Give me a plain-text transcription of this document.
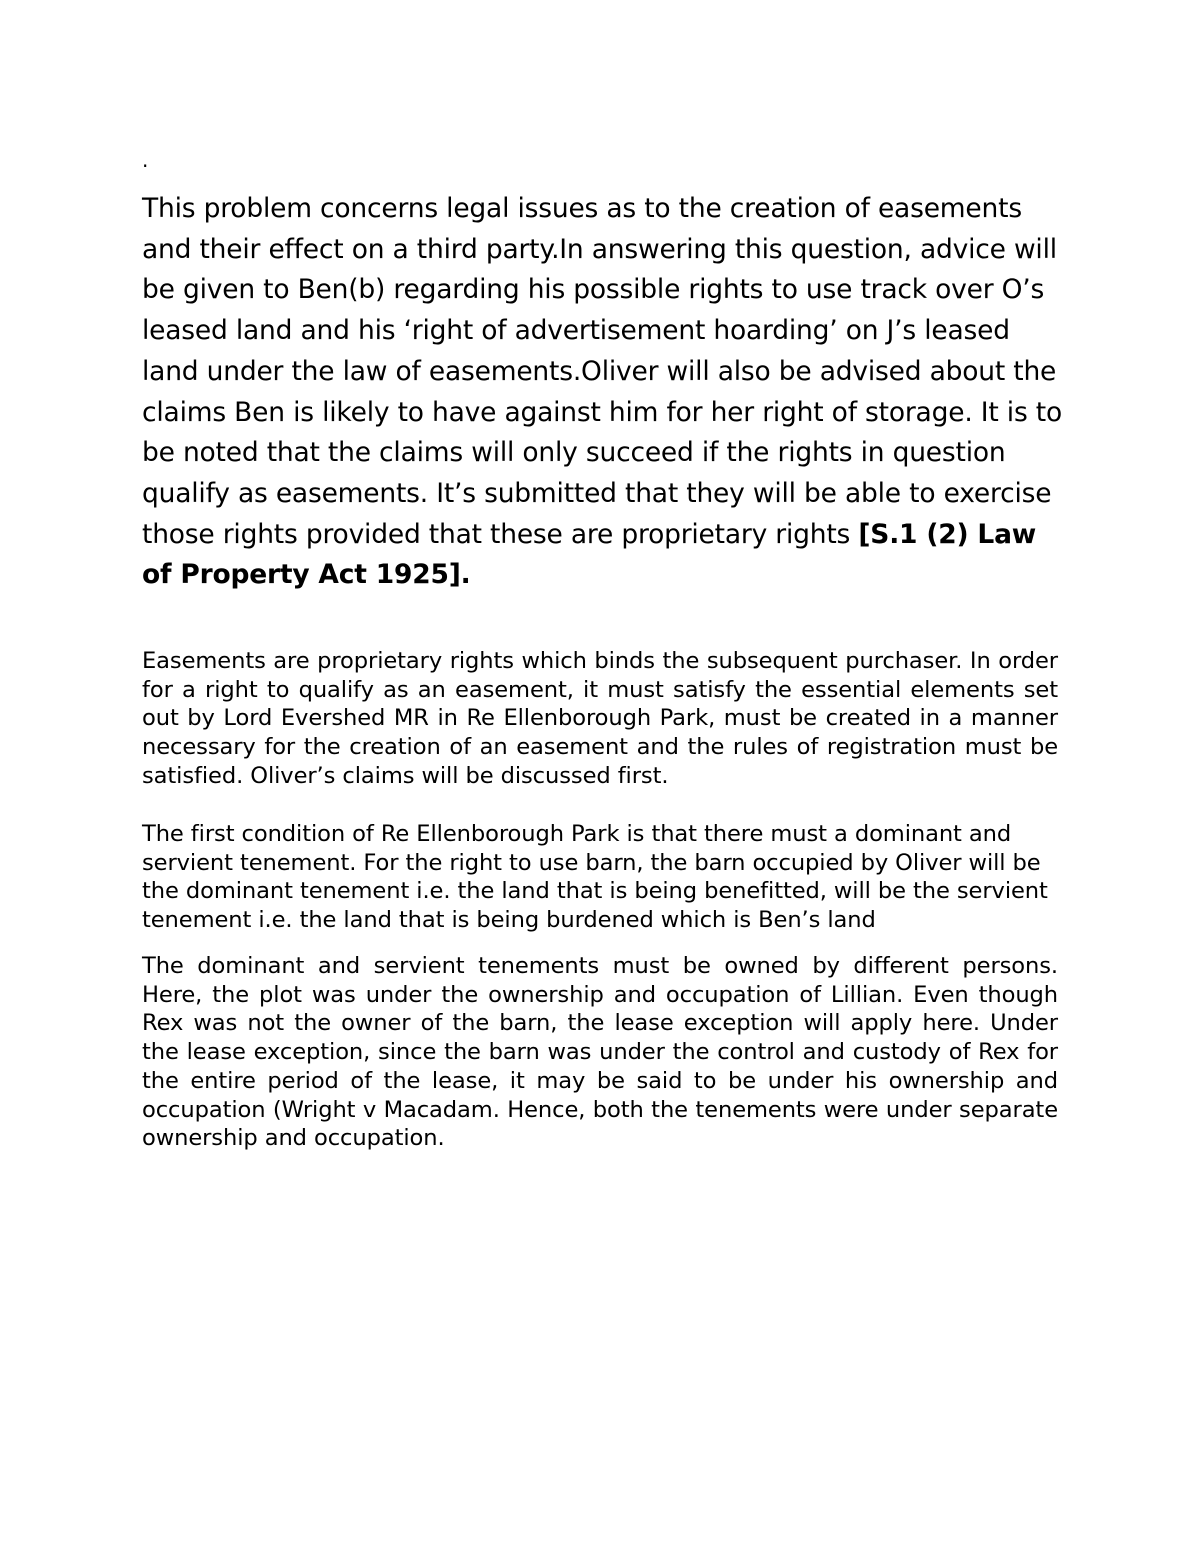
.

This problem concerns legal issues as to the creation of easements and their effect on a third party.In answering this question, advice will be given to Ben(b) regarding his possible rights to use track over O’s leased land and his ‘right of advertisement hoarding’ on J’s leased land under the law of easements.Oliver will also be advised about the claims Ben is likely to have against him for her right of storage. It is to be noted that the claims will only succeed if the rights in question qualify as easements. It’s submitted that they will be able to exercise those rights provided that these are proprietary rights [S.1 (2) Law of Property Act 1925].

Easements are proprietary rights which binds the subsequent purchaser. In order for a right to qualify as an easement, it must satisfy the essential elements set out by Lord Evershed MR in Re Ellenborough Park, must be created in a manner necessary for the creation of an easement and the rules of registration must be satisfied. Oliver’s claims will be discussed first.

The first condition of Re Ellenborough Park is that there must a dominant and servient tenement. For the right to use barn, the barn occupied by Oliver will be the dominant tenement i.e. the land that is being benefitted, will be the servient tenement i.e. the land that is being burdened which is Ben’s land

The dominant and servient tenements must be owned by different persons. Here, the plot was under the ownership and occupation of Lillian. Even though Rex was not the owner of the barn, the lease exception will apply here. Under the lease exception, since the barn was under the control and custody of Rex for the entire period of the lease, it may be said to be under his ownership and occupation (Wright v Macadam. Hence, both the tenements were under separate ownership and occupation.
